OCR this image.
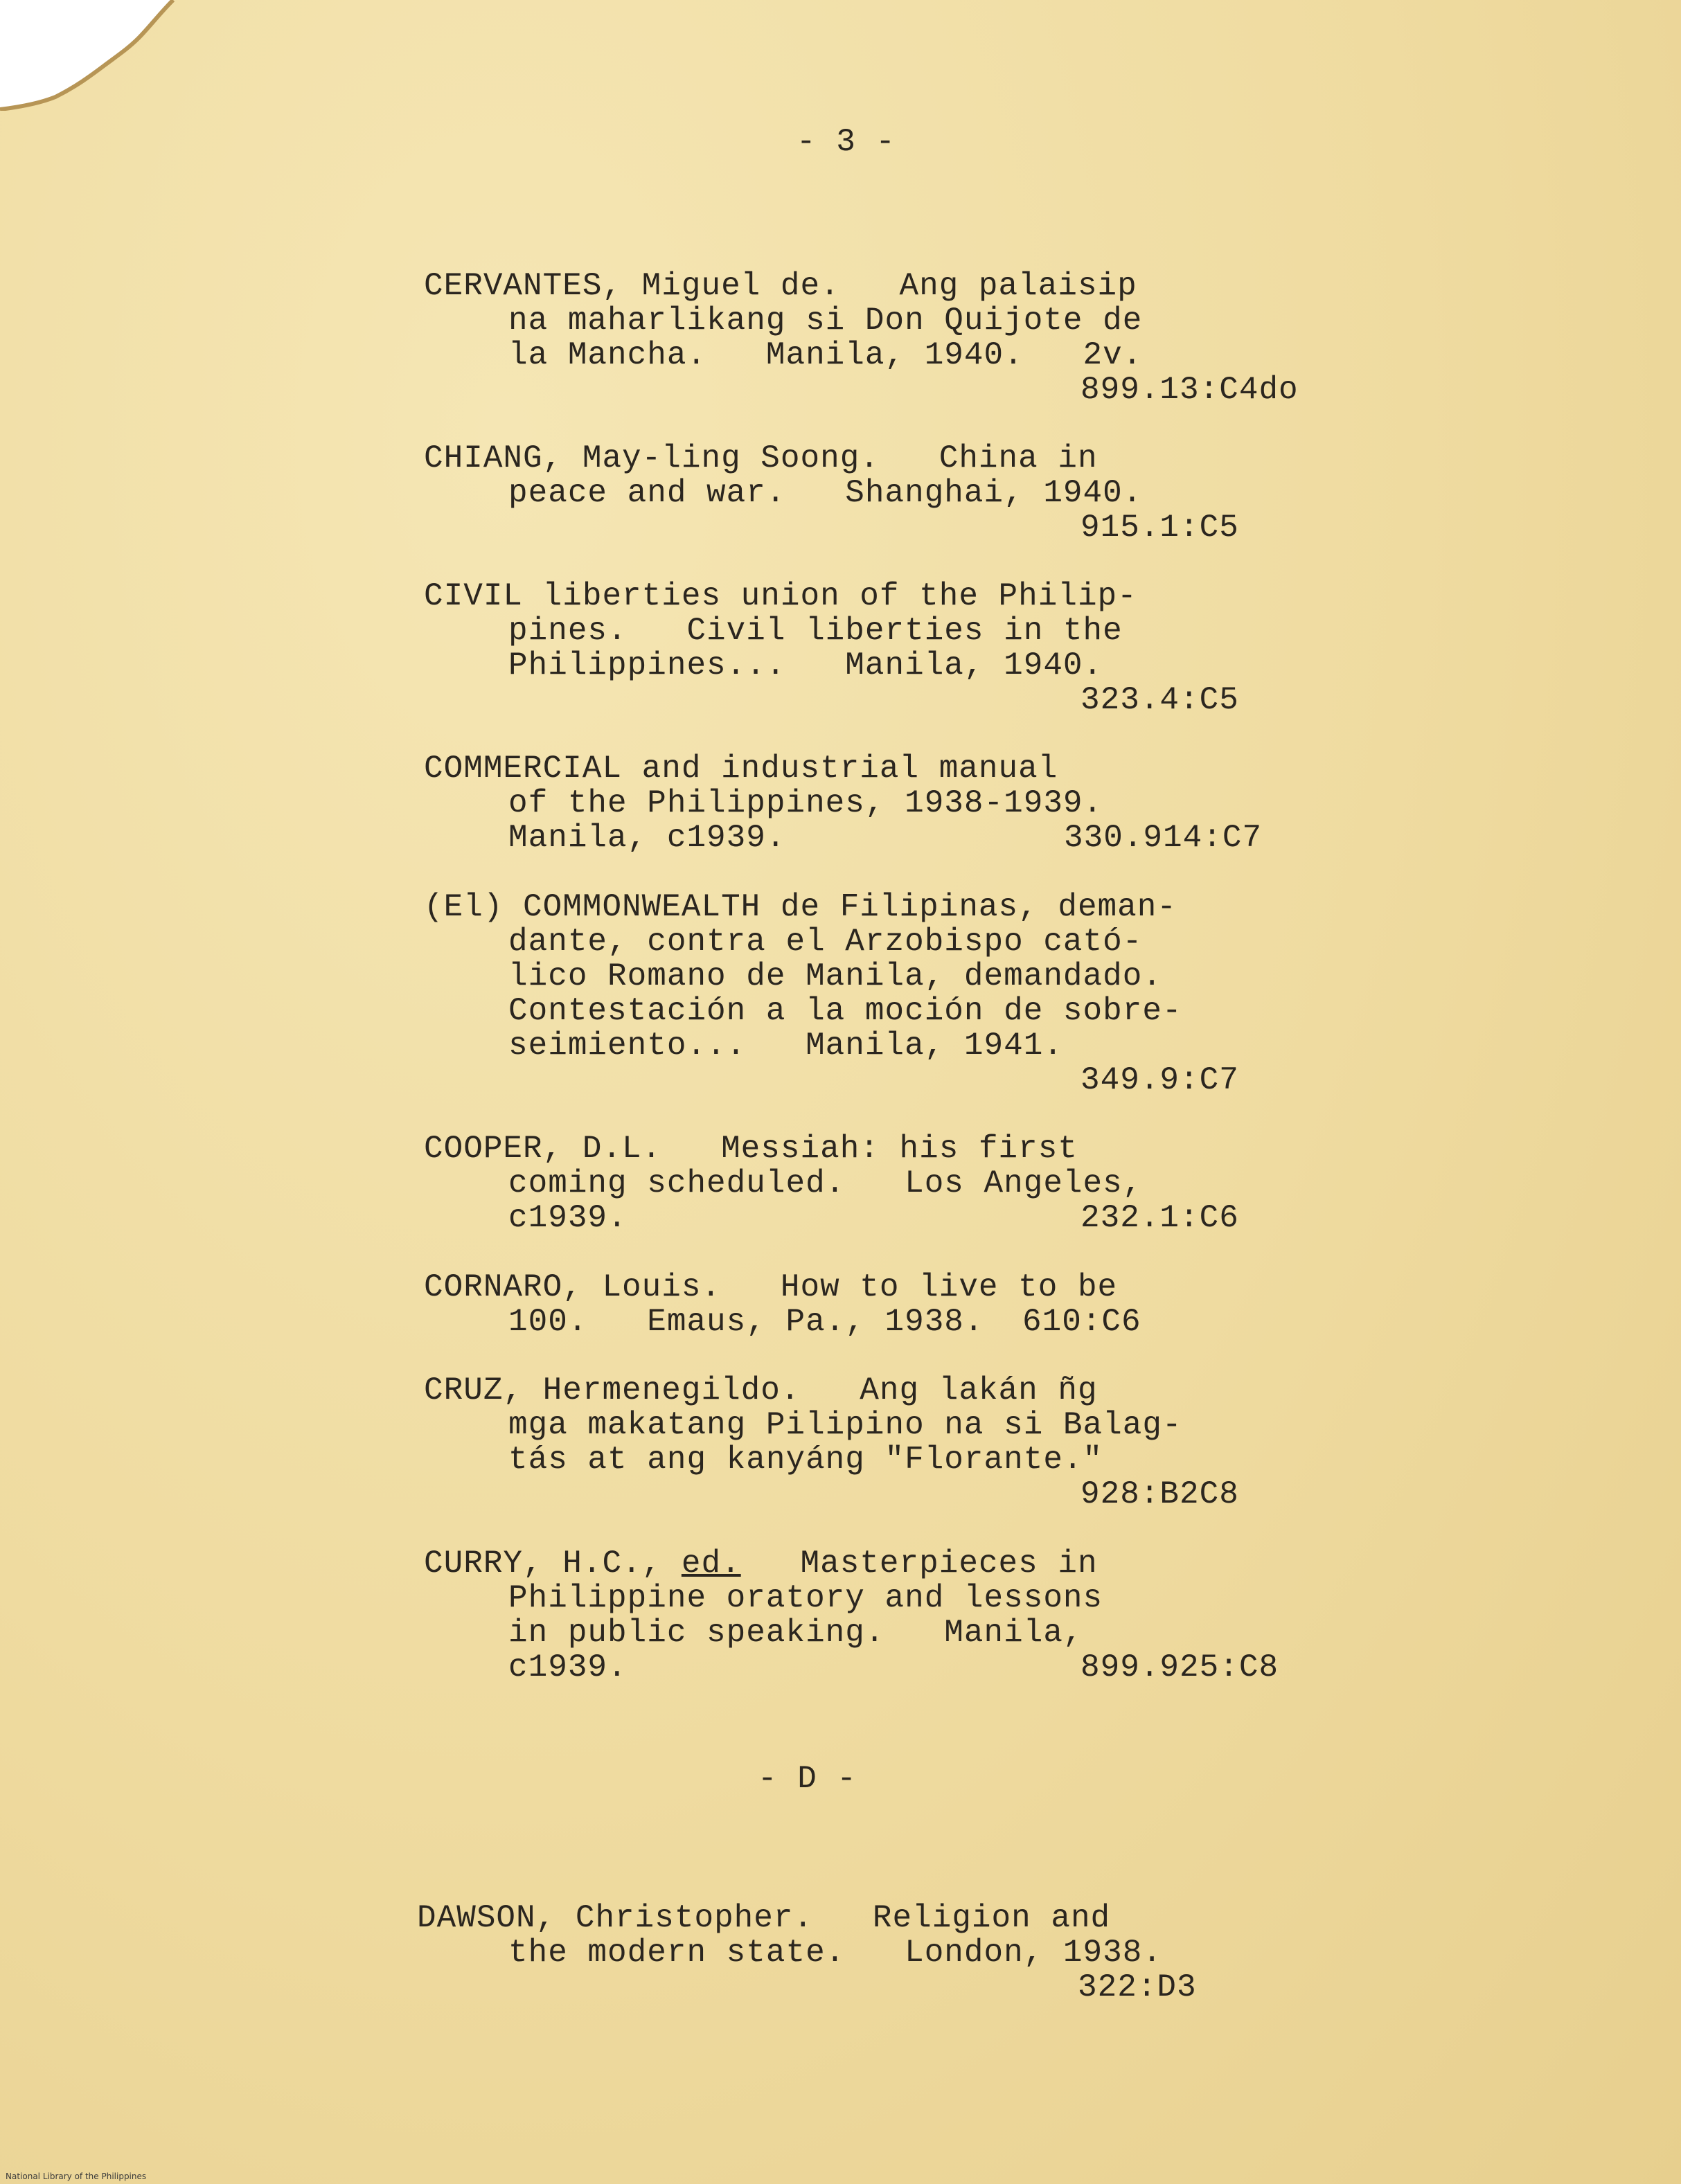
- 3 -
CERVANTES, Miguel de.   Ang palaisip
na maharlikang si Don Quijote de
la Mancha.   Manila, 1940.   2v.
899.13:C4do
CHIANG, May-ling Soong.   China in
peace and war.   Shanghai, 1940.
915.1:C5
CIVIL liberties union of the Philip-
pines.   Civil liberties in the
Philippines...   Manila, 1940.
323.4:C5
COMMERCIAL and industrial manual
of the Philippines, 1938-1939.
Manila, c1939.	330.914:C7
(El) COMMONWEALTH de Filipinas, deman-
dante, contra el Arzobispo cató-
lico Romano de Manila, demandado.
Contestación a la moción de sobre-
seimiento...   Manila, 1941.
349.9:C7
COOPER, D.L.   Messiah: his first
coming scheduled.   Los Angeles,
c1939.	232.1:C6
CORNARO, Louis.   How to live to be
100.   Emaus, Pa., 1938. 610:C6
CRUZ, Hermenegildo.   Ang lakán ñg
mga makatang Pilipino na si Balag-
tás at ang kanyáng "Florante."
928:B2C8
CURRY, H.C., ed.   Masterpieces in
Philippine oratory and lessons
in public speaking.   Manila,
c1939.	899.925:C8
- D -
DAWSON, Christopher.   Religion and
the modern state.   London, 1938.
322:D3
National Library of the Philippines
